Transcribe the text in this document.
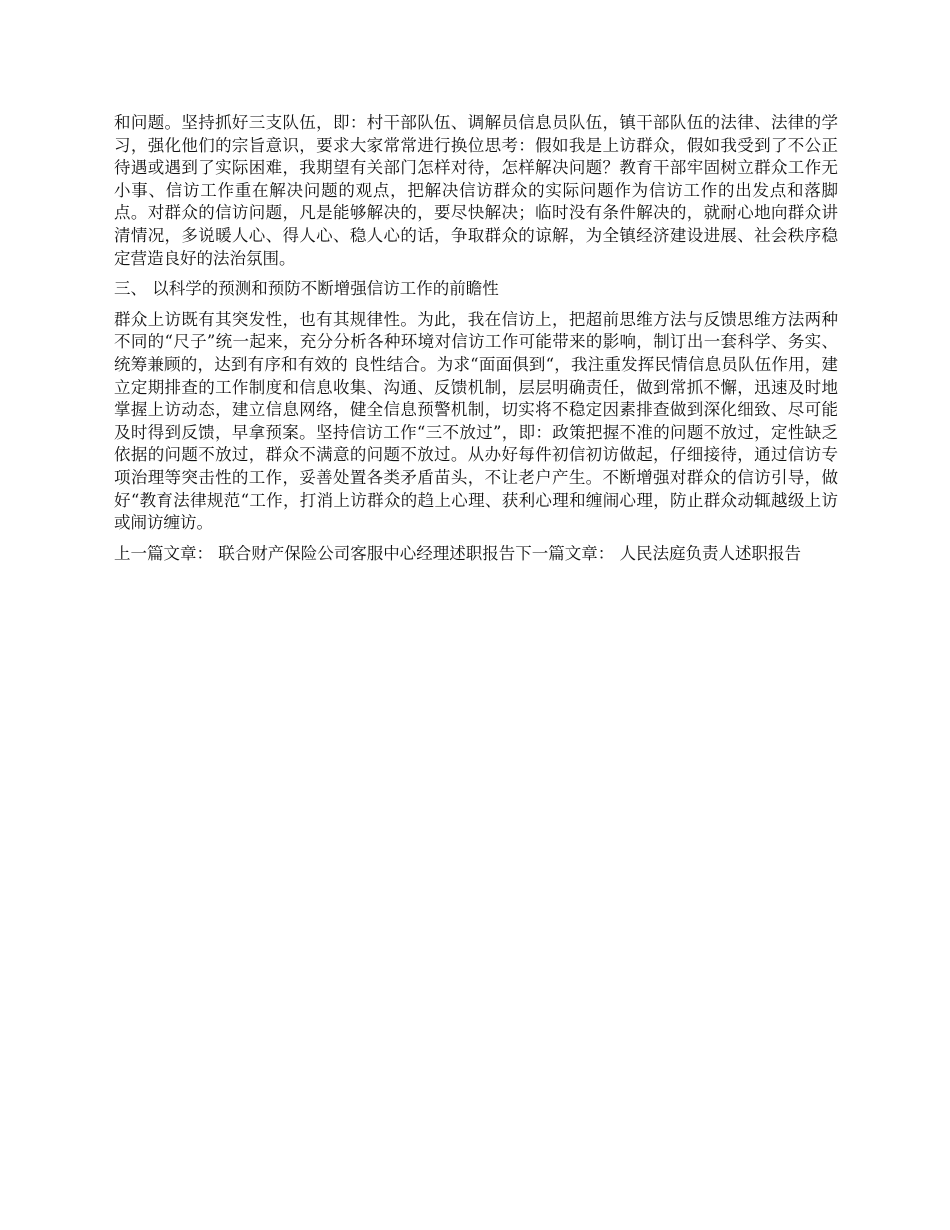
和问题。坚持抓好三支队伍，即：村干部队伍、调解员信息员队伍，镇干部队伍的法律、法律的学习，强化他们的宗旨意识，要求大家常常进行换位思考：假如我是上访群众，假如我受到了不公正待遇或遇到了实际困难，我期望有关部门怎样对待，怎样解决问题？教育干部牢固树立群众工作无小事、信访工作重在解决问题的观点，把解决信访群众的实际问题作为信访工作的出发点和落脚点。对群众的信访问题，凡是能够解决的，要尽快解决；临时没有条件解决的，就耐心地向群众讲清情况，多说暖人心、得人心、稳人心的话，争取群众的谅解，为全镇经济建设进展、社会秩序稳定营造良好的法治氛围。

三、 以科学的预测和预防不断增强信访工作的前瞻性

群众上访既有其突发性，也有其规律性。为此，我在信访上，把超前思维方法与反馈思维方法两种不同的“尺子”统一起来，充分分析各种环境对信访工作可能带来的影响，制订出一套科学、务实、统筹兼顾的，达到有序和有效的 良性结合。为求“面面俱到“，我注重发挥民情信息员队伍作用，建立定期排查的工作制度和信息收集、沟通、反馈机制，层层明确责任，做到常抓不懈，迅速及时地掌握上访动态，建立信息网络，健全信息预警机制，切实将不稳定因素排查做到深化细致、尽可能及时得到反馈，早拿预案。坚持信访工作“三不放过”，即：政策把握不准的问题不放过，定性缺乏依据的问题不放过，群众不满意的问题不放过。从办好每件初信初访做起，仔细接待，通过信访专项治理等突击性的工作，妥善处置各类矛盾苗头，不让老户产生。不断增强对群众的信访引导，做好“教育法律规范“工作，打消上访群众的趋上心理、获利心理和缠闹心理，防止群众动辄越级上访或闹访缠访。

上一篇文章： 联合财产保险公司客服中心经理述职报告下一篇文章： 人民法庭负责人述职报告
